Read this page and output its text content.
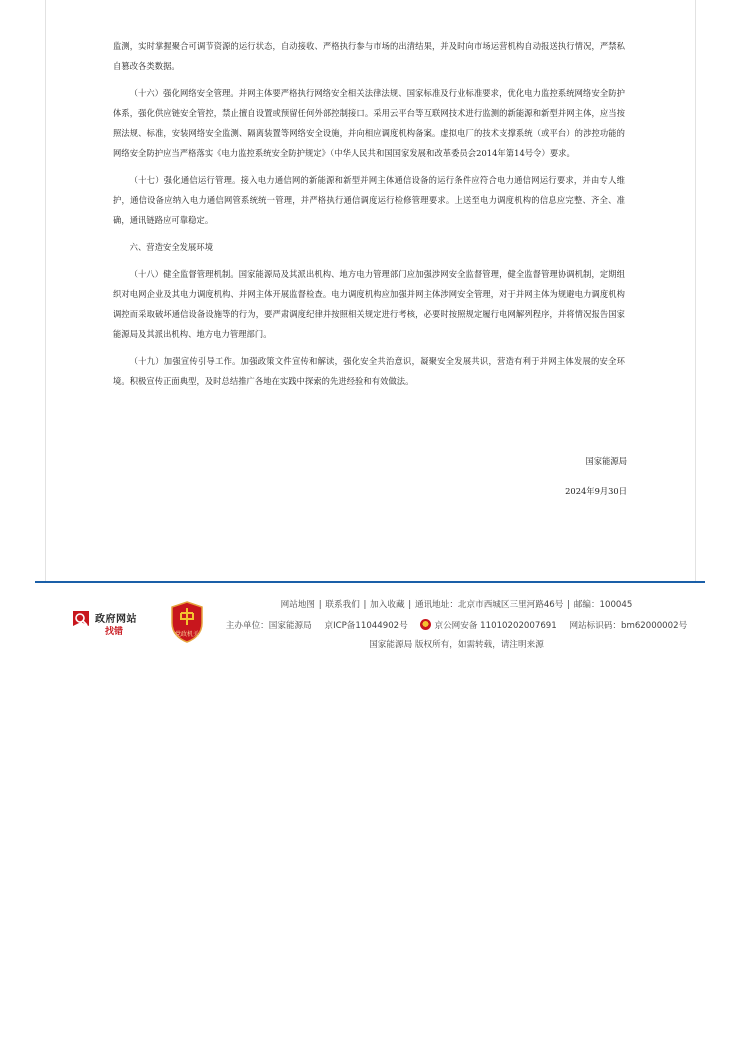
监测，实时掌握聚合可调节资源的运行状态，自动接收、严格执行参与市场的出清结果，并及时向市场运营机构自动报送执行情况，严禁私自篡改各类数据。

（十六）强化网络安全管理。并网主体要严格执行网络安全相关法律法规、国家标准及行业标准要求，优化电力监控系统网络安全防护体系，强化供应链安全管控，禁止擅自设置或预留任何外部控制接口。采用云平台等互联网技术进行监测的新能源和新型并网主体，应当按照法规、标准，安装网络安全监测、隔离装置等网络安全设施，并向相应调度机构备案。虚拟电厂的技术支撑系统（或平台）的涉控功能的网络安全防护应当严格落实《电力监控系统安全防护规定》（中华人民共和国国家发展和改革委员会2014年第14号令）要求。

（十七）强化通信运行管理。接入电力通信网的新能源和新型并网主体通信设备的运行条件应符合电力通信网运行要求，并由专人维护，通信设备应纳入电力通信网管系统统一管理，并严格执行通信调度运行检修管理要求。上送至电力调度机构的信息应完整、齐全、准确，通讯链路应可靠稳定。

六、营造安全发展环境

（十八）健全监督管理机制。国家能源局及其派出机构、地方电力管理部门应加强涉网安全监督管理，健全监督管理协调机制，定期组织对电网企业及其电力调度机构、并网主体开展监督检查。电力调度机构应加强并网主体涉网安全管理，对于并网主体为规避电力调度机构调控而采取破坏通信设备设施等的行为，要严肃调度纪律并按照相关规定进行考核，必要时按照规定履行电网解列程序，并将情况报告国家能源局及其派出机构、地方电力管理部门。

（十九）加强宣传引导工作。加强政策文件宣传和解读，强化安全共治意识，凝聚安全发展共识，营造有利于并网主体发展的安全环境。积极宣传正面典型，及时总结推广各地在实践中探索的先进经验和有效做法。

国家能源局
2024年9月30日
政府网站
找错	党政机关
网站地图 | 联系我们 | 加入收藏 | 通讯地址：北京市西城区三里河路46号 | 邮编：100045
主办单位：国家能源局 京ICP备11044902号	京公网安备 11010202007691 网站标识码：bm62000002号
国家能源局 版权所有，如需转载，请注明来源
